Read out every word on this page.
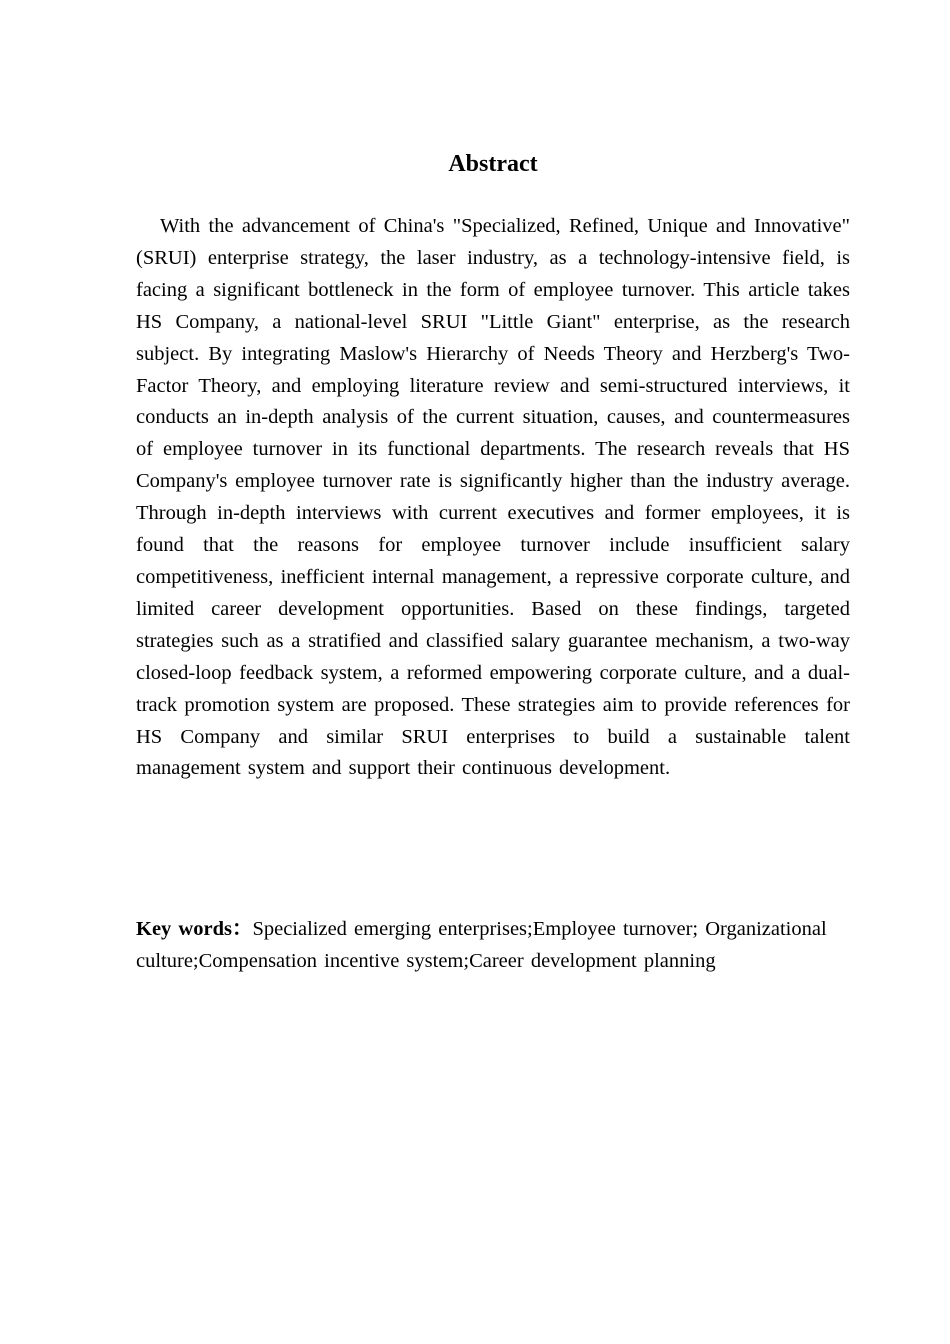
Abstract

With the advancement of China's "Specialized, Refined, Unique and Innovative" (SRUI) enterprise strategy, the laser industry, as a technology-intensive field, is facing a significant bottleneck in the form of employee turnover. This article takes HS Company, a national-level SRUI "Little Giant" enterprise, as the research subject. By integrating Maslow's Hierarchy of Needs Theory and Herzberg's Two-Factor Theory, and employing literature review and semi-structured interviews, it conducts an in-depth analysis of the current situation, causes, and countermeasures of employee turnover in its functional departments. The research reveals that HS Company's employee turnover rate is significantly higher than the industry average. Through in-depth interviews with current executives and former employees, it is found that the reasons for employee turnover include insufficient salary competitiveness, inefficient internal management, a repressive corporate culture, and limited career development opportunities. Based on these findings, targeted strategies such as a stratified and classified salary guarantee mechanism, a two-way closed-loop feedback system, a reformed empowering corporate culture, and a dual-track promotion system are proposed. These strategies aim to provide references for HS Company and similar SRUI enterprises to build a sustainable talent management system and support their continuous development.

Key words：Specialized emerging enterprises;Employee turnover; Organizational culture;Compensation incentive system;Career development planning
